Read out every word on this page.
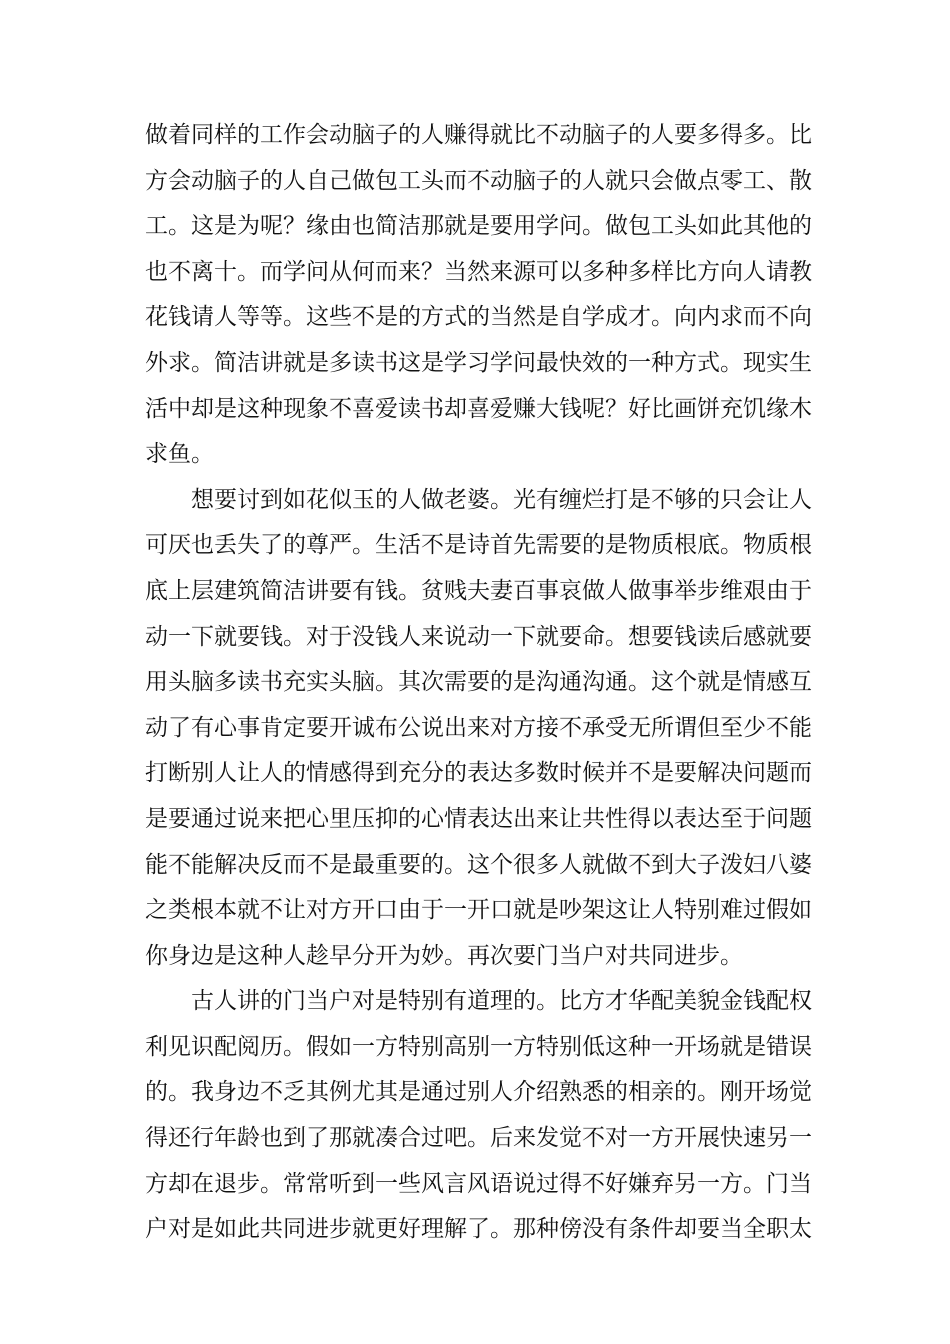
做着同样的工作会动脑子的人赚得就比不动脑子的人要多得多。比
方会动脑子的人自己做包工头而不动脑子的人就只会做点零工、散
工。这是为呢？缘由也简洁那就是要用学问。做包工头如此其他的
也不离十。而学问从何而来？当然来源可以多种多样比方向人请教
花钱请人等等。这些不是的方式的当然是自学成才。向内求而不向
外求。简洁讲就是多读书这是学习学问最快效的一种方式。现实生
活中却是这种现象不喜爱读书却喜爱赚大钱呢？好比画饼充饥缘木
求鱼。
想要讨到如花似玉的人做老婆。光有缠烂打是不够的只会让人
可厌也丢失了的尊严。生活不是诗首先需要的是物质根底。物质根
底上层建筑简洁讲要有钱。贫贱夫妻百事哀做人做事举步维艰由于
动一下就要钱。对于没钱人来说动一下就要命。想要钱读后感就要
用头脑多读书充实头脑。其次需要的是沟通沟通。这个就是情感互
动了有心事肯定要开诚布公说出来对方接不承受无所谓但至少不能
打断别人让人的情感得到充分的表达多数时候并不是要解决问题而
是要通过说来把心里压抑的心情表达出来让共性得以表达至于问题
能不能解决反而不是最重要的。这个很多人就做不到大子泼妇八婆
之类根本就不让对方开口由于一开口就是吵架这让人特别难过假如
你身边是这种人趁早分开为妙。再次要门当户对共同进步。
古人讲的门当户对是特别有道理的。比方才华配美貌金钱配权
利见识配阅历。假如一方特别高别一方特别低这种一开场就是错误
的。我身边不乏其例尤其是通过别人介绍熟悉的相亲的。刚开场觉
得还行年龄也到了那就凑合过吧。后来发觉不对一方开展快速另一
方却在退步。常常听到一些风言风语说过得不好嫌弃另一方。门当
户对是如此共同进步就更好理解了。那种傍没有条件却要当全职太
